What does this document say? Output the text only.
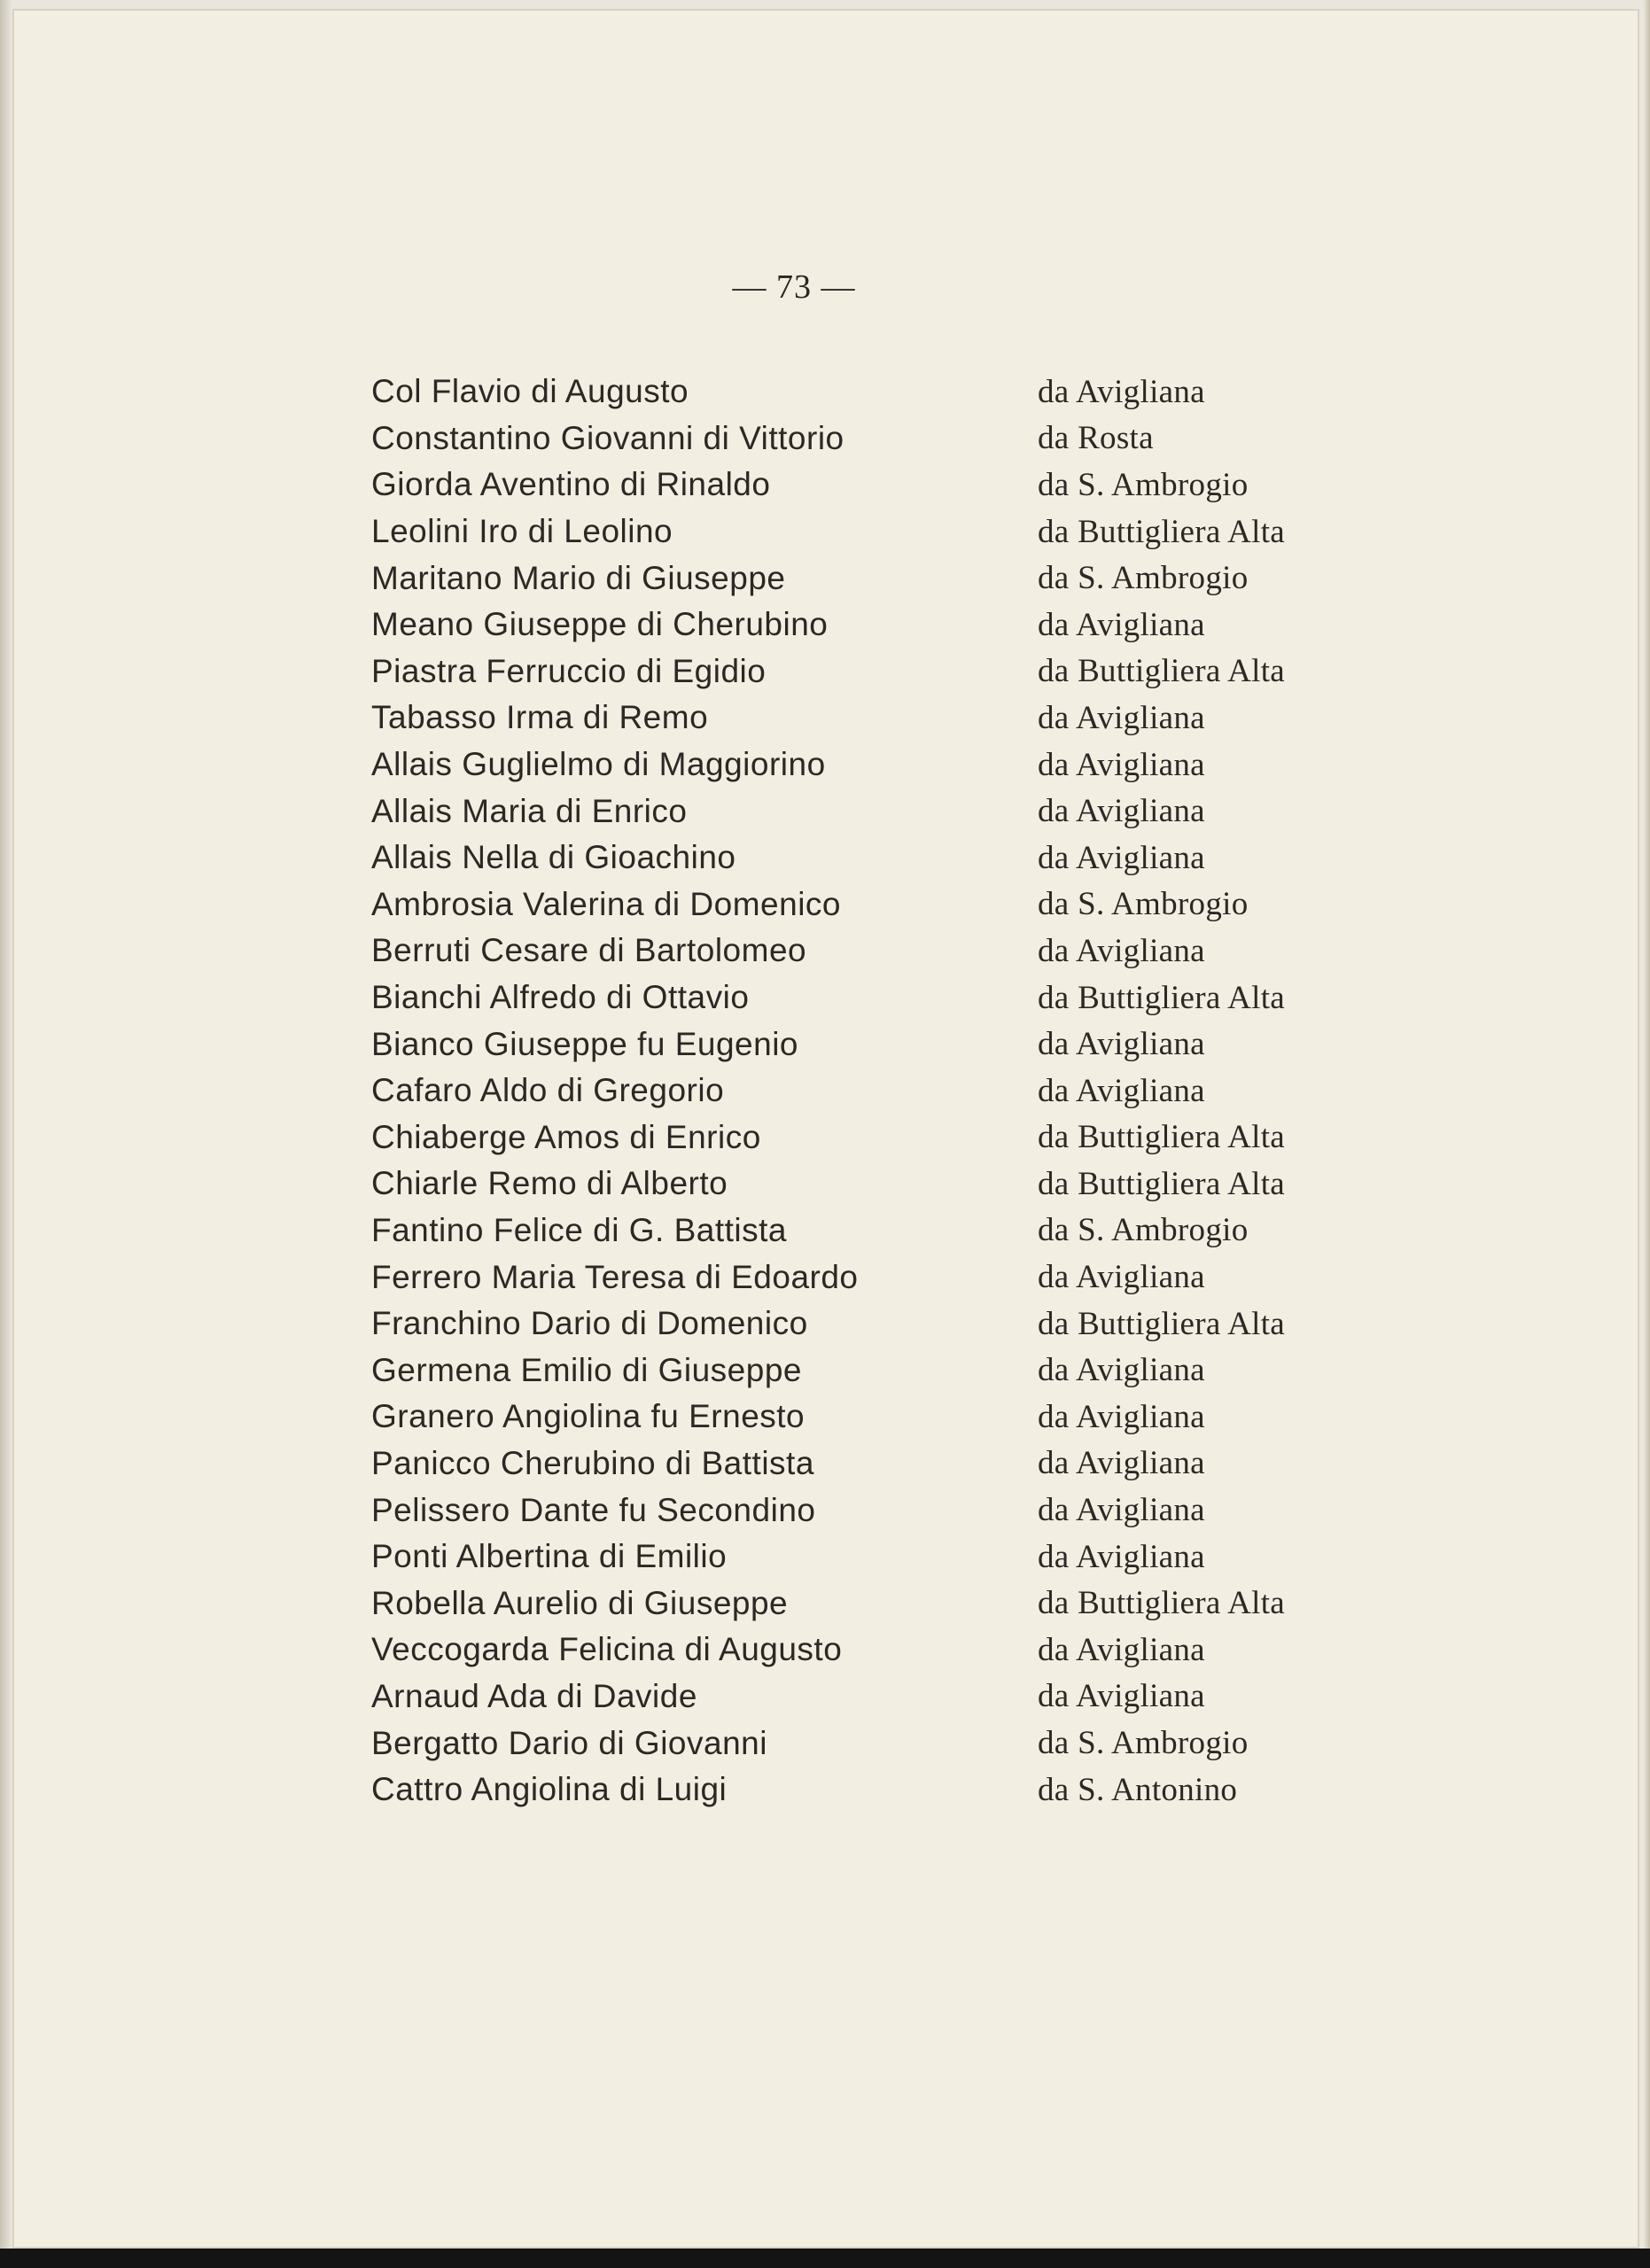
— 73 —
Col Flavio di Augusto	da Avigliana
Constantino Giovanni di Vittorio	da Rosta
Giorda Aventino di Rinaldo	da S. Ambrogio
Leolini Iro di Leolino	da Buttigliera Alta
Maritano Mario di Giuseppe	da S. Ambrogio
Meano Giuseppe di Cherubino	da Avigliana
Piastra Ferruccio di Egidio	da Buttigliera Alta
Tabasso Irma di Remo	da Avigliana
Allais Guglielmo di Maggiorino	da Avigliana
Allais Maria di Enrico	da Avigliana
Allais Nella di Gioachino	da Avigliana
Ambrosia Valerina di Domenico	da S. Ambrogio
Berruti Cesare di Bartolomeo	da Avigliana
Bianchi Alfredo di Ottavio	da Buttigliera Alta
Bianco Giuseppe fu Eugenio	da Avigliana
Cafaro Aldo di Gregorio	da Avigliana
Chiaberge Amos di Enrico	da Buttigliera Alta
Chiarle Remo di Alberto	da Buttigliera Alta
Fantino Felice di G. Battista	da S. Ambrogio
Ferrero Maria Teresa di Edoardo	da Avigliana
Franchino Dario di Domenico	da Buttigliera Alta
Germena Emilio di Giuseppe	da Avigliana
Granero Angiolina fu Ernesto	da Avigliana
Panicco Cherubino di Battista	da Avigliana
Pelissero Dante fu Secondino	da Avigliana
Ponti Albertina di Emilio	da Avigliana
Robella Aurelio di Giuseppe	da Buttigliera Alta
Veccogarda Felicina di Augusto	da Avigliana
Arnaud Ada di Davide	da Avigliana
Bergatto Dario di Giovanni	da S. Ambrogio
Cattro Angiolina di Luigi	da S. Antonino
